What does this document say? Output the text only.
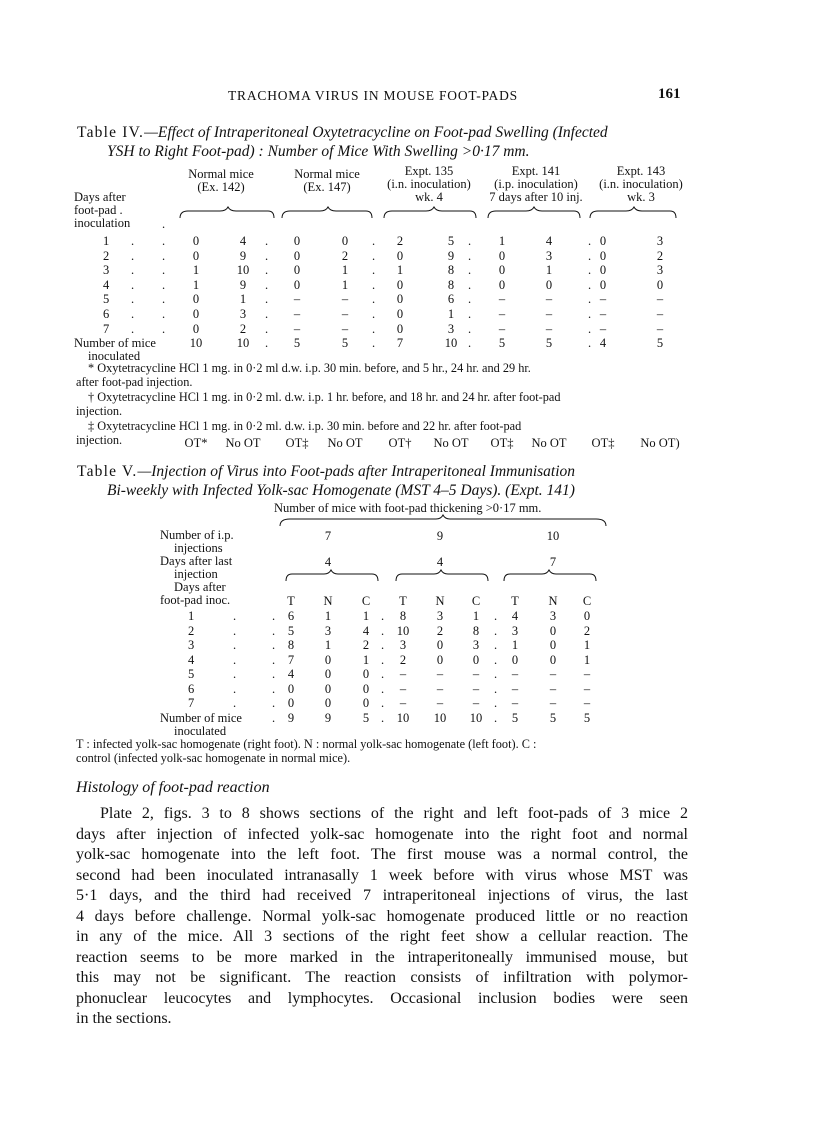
TRACHOMA VIRUS IN MOUSE FOOT-PADS	161
Table IV.—Effect of Intraperitoneal Oxytetracycline on Foot-pad Swelling (Infected
YSH to Right Foot-pad) : Number of Mice With Swelling >0·17 mm.
Normal mice
(Ex. 142)
Normal mice
(Ex. 147)
Expt. 135
(i.n. inoculation)
wk. 4
Expt. 141
(i.p. inoculation)
7 days after 10 inj.
Expt. 143
(i.n. inoculation)
wk. 3
Days after
foot-pad .
inoculation	.
OT* No OT OT‡ No OT OT† No OT OT‡ No OT OT‡ No OT)
1 . . 0	4	0	0	2	5	1	4	0	3
.	.	.	.
2 . . 0	9	0	2	0	9	0	3	0	2
.	.	.	.
3 . . 1	10	0	1	1	8	0	1	0	3
.	.	.	.
4 . . 1	9	0	1	0	8	0	0	0	0
.	.	.	.
5 . . 0	1	–	–	0	6	–	–	–	–
.	.	.	.
6 . . 0	3	–	–	0	1	–	–	–	–
.	.	.	.
7 . . 0	2	–	–	0	3	–	–	–	–
.	.	.	.
Number of mice
inoculated
10	10	5	5	7	10	5	5	4	5
.	.	.	.
* Oxytetracycline HCl 1 mg. in 0·2 ml d.w. i.p. 30 min. before, and 5 hr., 24 hr. and 29 hr.
after foot-pad injection.
† Oxytetracycline HCl 1 mg. in 0·2 ml. d.w. i.p. 1 hr. before, and 18 hr. and 24 hr. after foot-pad
injection.
‡ Oxytetracycline HCl 1 mg. in 0·2 ml. d.w. i.p. 30 min. before and 22 hr. after foot-pad
injection.
Table V.—Injection of Virus into Foot-pads after Intraperitoneal Immunisation
Bi-weekly with Infected Yolk-sac Homogenate (MST 4–5 Days). (Expt. 141)
Number of mice with foot-pad thickening >0·17 mm.
Number of i.p.
injections
Days after last
injection
Days after
foot-pad inoc.
7	9	10
4	4	7
T N C T N C T N C
1	.	6 1	1 8 3 1	4	3 0
.	.	.
2	.	5 3	4 10 2 8	3	0 2
.	.	.
3	.	8 1	2 3 0 3	1	0 1
.	.	.
4	.	7 0	1 2 0 0	0	0 1
.	.	.
5	.	4 0	0 – – –	–	– –
.	.	.
6	.	0 0	0 – – –	–	– –
.	.	.
7	.	0 0	0 – – –	–	– –
.	.	.
Number of mice
inoculated
9 9	5 10 10 10 5	5 5
.	.	.
T : infected yolk-sac homogenate (right foot). N : normal yolk-sac homogenate (left foot). C :
control (infected yolk-sac homogenate in normal mice).
Histology of foot-pad reaction
Plate 2, figs. 3 to 8 shows sections of the right and left foot-pads of 3 mice 2
days after injection of infected yolk-sac homogenate into the right foot and normal
yolk-sac homogenate into the left foot. The first mouse was a normal control, the
second had been inoculated intranasally 1 week before with virus whose MST was
5·1 days, and the third had received 7 intraperitoneal injections of virus, the last
4 days before challenge. Normal yolk-sac homogenate produced little or no reaction
in any of the mice. All 3 sections of the right feet show a cellular reaction. The
reaction seems to be more marked in the intraperitoneally immunised mouse, but
this may not be significant. The reaction consists of infiltration with polymor-
phonuclear leucocytes and lymphocytes. Occasional inclusion bodies were seen
in the sections.
